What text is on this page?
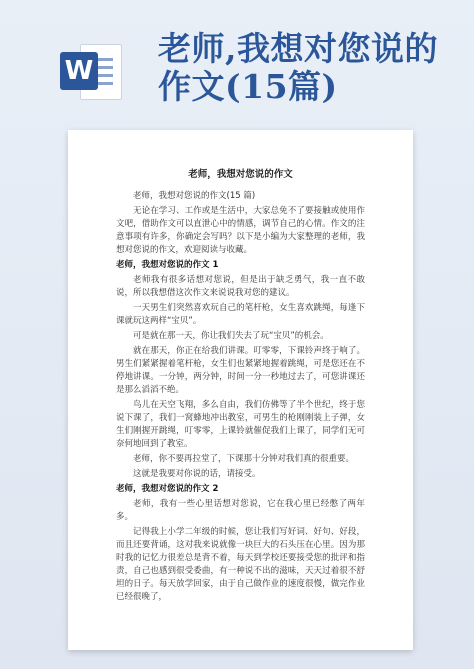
W
老师,我想对您说的作文(15篇)
老师，我想对您说的作文
老师，我想对您说的作文(15 篇)
无论在学习、工作或是生活中，大家总免不了要接触或使用作文吧，借助作文可以直泄心中的情感，调节自己的心情。作文的注意事项有许多，你确定会写吗？以下是小编为大家整理的老师，我想对您说的作文，欢迎阅读与收藏。
老师，我想对您说的作文 1
老师我有很多话想对您说，但是出于缺乏勇气，我一直不敢说，所以我想借这次作文来说说我对您的建议。
一天男生们突然喜欢玩自己的笔杆枪，女生喜欢跳绳，每逢下课就玩这两样“宝贝”。
可是就在那一天，你让我们失去了玩“宝贝”的机会。
就在那天，你正在给我们讲课。叮零零，下课铃声终于响了。男生们紧紧握着笔杆枪，女生们也紧紧地握着跳绳，可是您还在不停地讲课。一分钟，两分钟，时间一分一秒地过去了，可您讲课还是那么滔滔不绝。
鸟儿在天空飞翔，多么自由，我们仿佛等了半个世纪，终于您说下课了，我们一窝蜂地冲出教室，可男生的枪刚刚装上子弹，女生们刚握开跳绳，叮零零，上课铃就催促我们上课了，同学们无可奈何地回到了教室。
老师，你不要再拉堂了，下课那十分钟对我们真的很重要。
这就是我要对你说的话，请接受。
老师，我想对您说的作文 2
老师，我有一些心里话想对您说，它在我心里已经憋了两年多。
记得我上小学二年级的时候，您让我们写好词、好句、好段，而且还要背诵，这对我来说就像一块巨大的石头压在心里。因为那时我的记忆力很差总是背不着，每天到学校还要接受您的批评和指责，自己也感到很受委曲，有一种说不出的滋味，天天过着很不舒坦的日子。每天放学回家，由于自己做作业的速度很慢，做完作业已经很晚了，
